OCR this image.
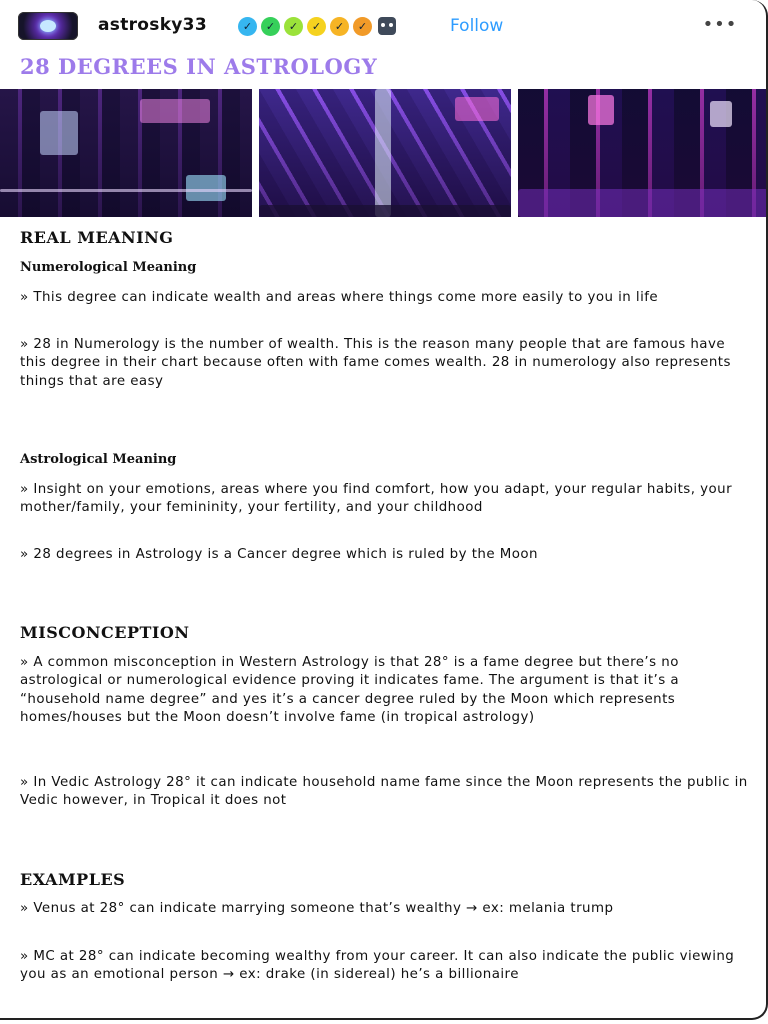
astrosky33 ✓ ✓ ✓ ✓ ✓ ✓	Follow	•••
28 DEGREES IN ASTROLOGY
REAL MEANING
Numerological Meaning

» This degree can indicate wealth and areas where things come more easily to you in life

» 28 in Numerology is the number of wealth. This is the reason many people that are famous have this degree in their chart because often with fame comes wealth. 28 in numerology also represents things that are easy

Astrological Meaning

» Insight on your emotions, areas where you find comfort, how you adapt, your regular habits, your mother/family, your femininity, your fertility, and your childhood

» 28 degrees in Astrology is a Cancer degree which is ruled by the Moon

MISCONCEPTION

» A common misconception in Western Astrology is that 28° is a fame degree but there’s no astrological or numerological evidence proving it indicates fame. The argument is that it’s a “household name degree” and yes it’s a cancer degree ruled by the Moon which represents homes/houses but the Moon doesn’t involve fame (in tropical astrology)

» In Vedic Astrology 28° it can indicate household name fame since the Moon represents the public in Vedic however, in Tropical it does not

EXAMPLES

» Venus at 28° can indicate marrying someone that’s wealthy → ex: melania trump

» MC at 28° can indicate becoming wealthy from your career. It can also indicate the public viewing you as an emotional person → ex: drake (in sidereal) he’s a billionaire
